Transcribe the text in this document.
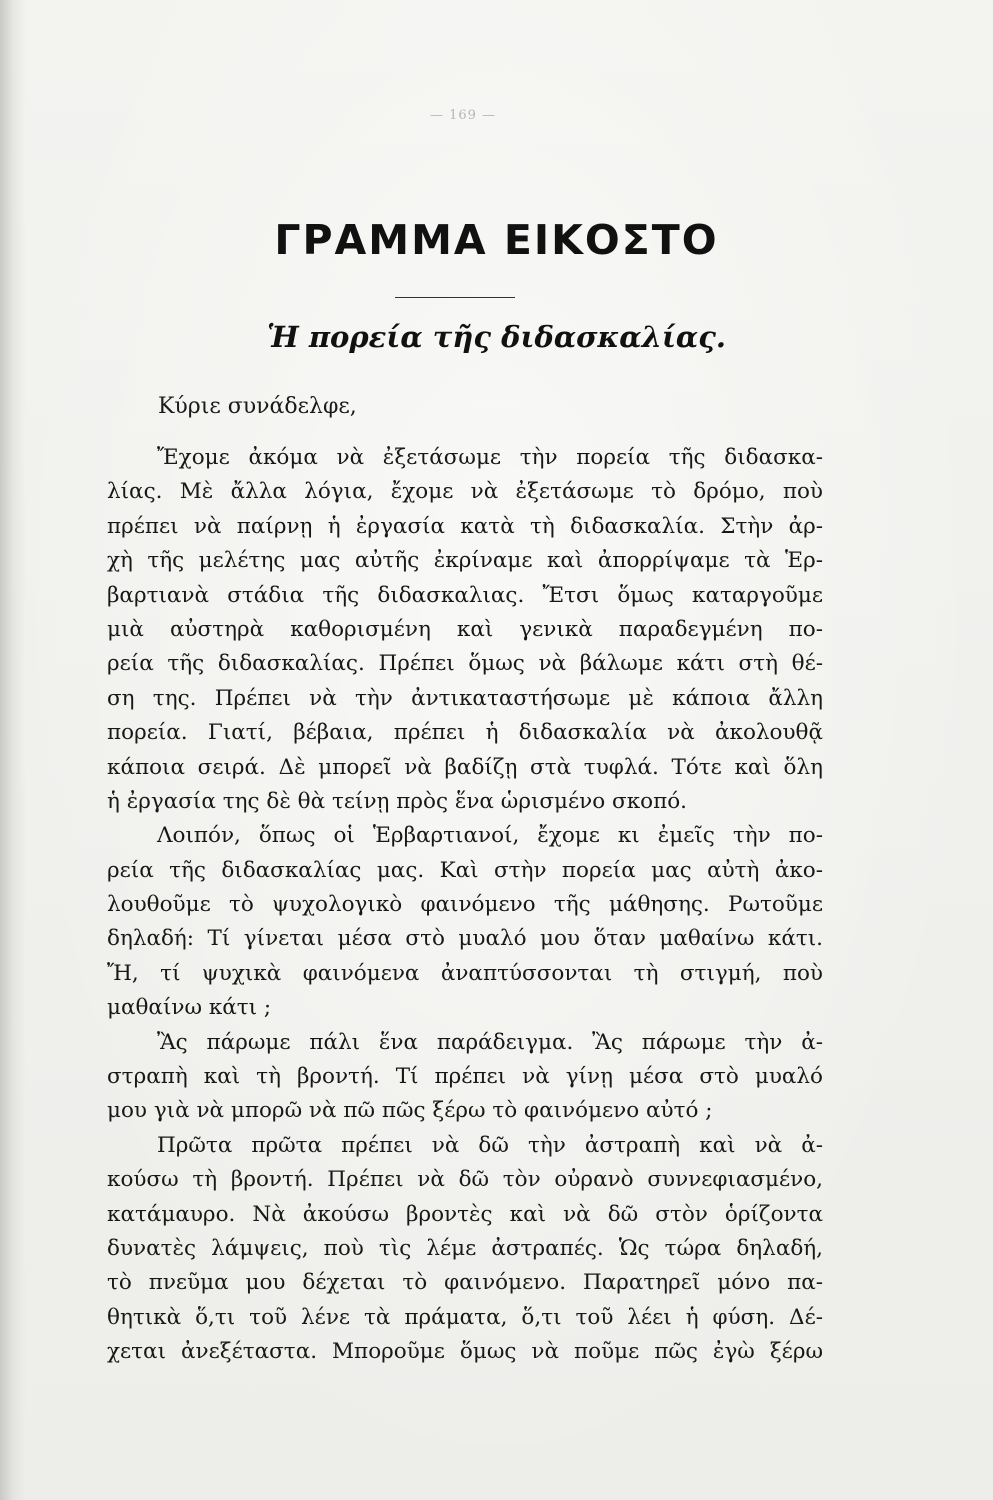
— 169 —
ΓΡΑΜΜΑ ΕΙΚΟΣΤΟ
Ἡ πορεία τῆς διδασκαλίας.
Κύριε συνάδελφε,
Ἔχομε ἀκόμα νὰ ἐξετάσωμε τὴν πορεία τῆς διδασκα-
λίας. Μὲ ἄλλα λόγια, ἔχομε νὰ ἐξετάσωμε τὸ δρόμο, ποὺ
πρέπει νὰ παίρνῃ ἡ ἐργασία κατὰ τὴ διδασκαλία. Στὴν ἀρ-
χὴ τῆς μελέτης μας αὐτῆς ἐκρίναμε καὶ ἀπορρίψαμε τὰ Ἑρ-
βαρτιανὰ στάδια τῆς διδασκαλιας. Ἔτσι ὅμως καταργοῦμε
μιὰ αὐστηρὰ καθορισμένη καὶ γενικὰ παραδεγμένη πο-
ρεία τῆς διδασκαλίας. Πρέπει ὅμως νὰ βάλωμε κάτι στὴ θέ-
ση της. Πρέπει νὰ τὴν ἀντικαταστήσωμε μὲ κάποια ἄλλη
πορεία. Γιατί, βέβαια, πρέπει ἡ διδασκαλία νὰ ἀκολουθᾷ
κάποια σειρά. Δὲ μπορεῖ νὰ βαδίζῃ στὰ τυφλά. Τότε καὶ ὅλη
ἡ ἐργασία της δὲ θὰ τείνῃ πρὸς ἕνα ὡρισμένο σκοπό.
Λοιπόν, ὅπως οἱ Ἑρβαρτιανοί, ἔχομε κι ἐμεῖς τὴν πο-
ρεία τῆς διδασκαλίας μας. Καὶ στὴν πορεία μας αὐτὴ ἀκο-
λουθοῦμε τὸ ψυχολογικὸ φαινόμενο τῆς μάθησης. Ρωτοῦμε
δηλαδή: Τί γίνεται μέσα στὸ μυαλό μου ὅταν μαθαίνω κάτι.
Ἤ, τί ψυχικὰ φαινόμενα ἀναπτύσσονται τὴ στιγμή, ποὺ
μαθαίνω κάτι ;
Ἂς πάρωμε πάλι ἕνα παράδειγμα. Ἂς πάρωμε τὴν ἀ-
στραπὴ καὶ τὴ βροντή. Τί πρέπει νὰ γίνῃ μέσα στὸ μυαλό
μου γιὰ νὰ μπορῶ νὰ πῶ πῶς ξέρω τὸ φαινόμενο αὐτό ;
Πρῶτα πρῶτα πρέπει νὰ δῶ τὴν ἀστραπὴ καὶ νὰ ἀ-
κούσω τὴ βροντή. Πρέπει νὰ δῶ τὸν οὐρανὸ συννεφιασμένο,
κατάμαυρο. Νὰ ἀκούσω βροντὲς καὶ νὰ δῶ στὸν ὁρίζοντα
δυνατὲς λάμψεις, ποὺ τὶς λέμε ἀστραπές. Ὡς τώρα δηλαδή,
τὸ πνεῦμα μου δέχεται τὸ φαινόμενο. Παρατηρεῖ μόνο πα-
θητικὰ ὅ,τι τοῦ λένε τὰ πράματα, ὅ,τι τοῦ λέει ἡ φύση. Δέ-
χεται ἀνεξέταστα. Μποροῦμε ὅμως νὰ ποῦμε πῶς ἐγὼ ξέρω
